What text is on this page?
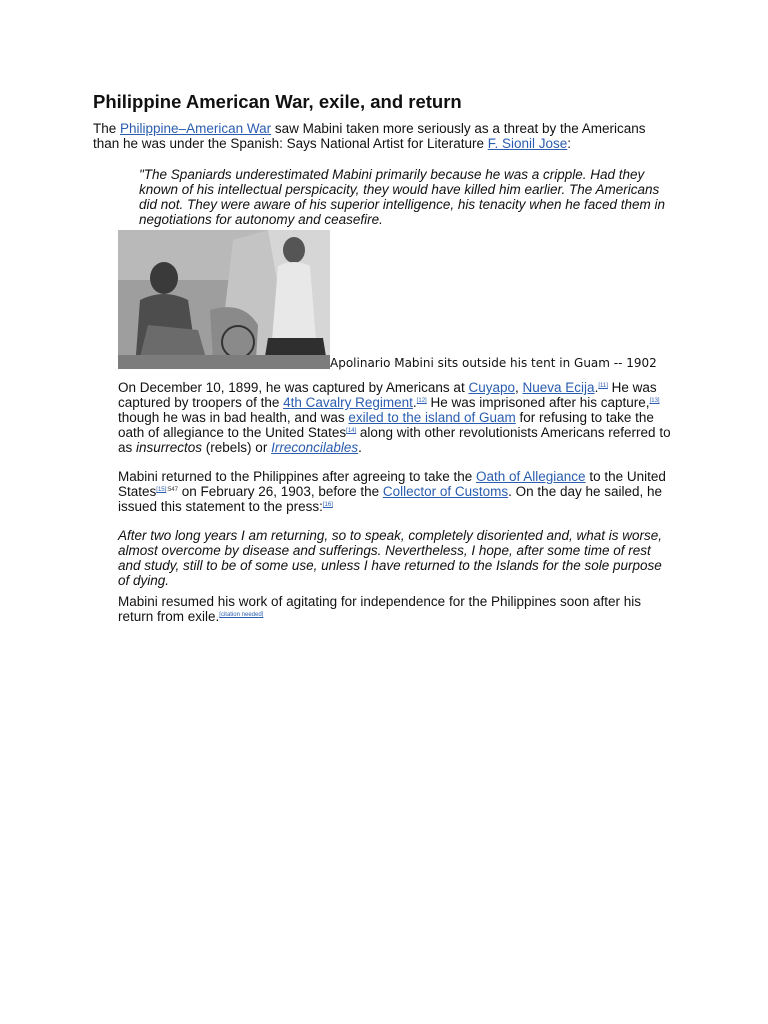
Philippine American War, exile, and return

The Philippine–American War saw Mabini taken more seriously as a threat by the Americans than he was under the Spanish: Says National Artist for Literature F. Sionil Jose:

"The Spaniards underestimated Mabini primarily because he was a cripple. Had they known of his intellectual perspicacity, they would have killed him earlier. The Americans did not. They were aware of his superior intelligence, his tenacity when he faced them in negotiations for autonomy and ceasefire.

Apolinario Mabini sits outside his tent in Guam -- 1902

On December 10, 1899, he was captured by Americans at Cuyapo, Nueva Ecija.[11] He was captured by troopers of the 4th Cavalry Regiment.[12] He was imprisoned after his capture,[13] though he was in bad health, and was exiled to the island of Guam for refusing to take the oath of allegiance to the United States[14] along with other revolutionists Americans referred to as insurrectos (rebels) or Irreconcilables.

Mabini returned to the Philippines after agreeing to take the Oath of Allegiance to the United States$^{[15]:547}$ on February 26, 1903, before the Collector of Customs. On the day he sailed, he issued this statement to the press:[16]

After two long years I am returning, so to speak, completely disoriented and, what is worse, almost overcome by disease and sufferings. Nevertheless, I hope, after some time of rest and study, still to be of some use, unless I have returned to the Islands for the sole purpose of dying.

Mabini resumed his work of agitating for independence for the Philippines soon after his return from exile.[citation needed]
